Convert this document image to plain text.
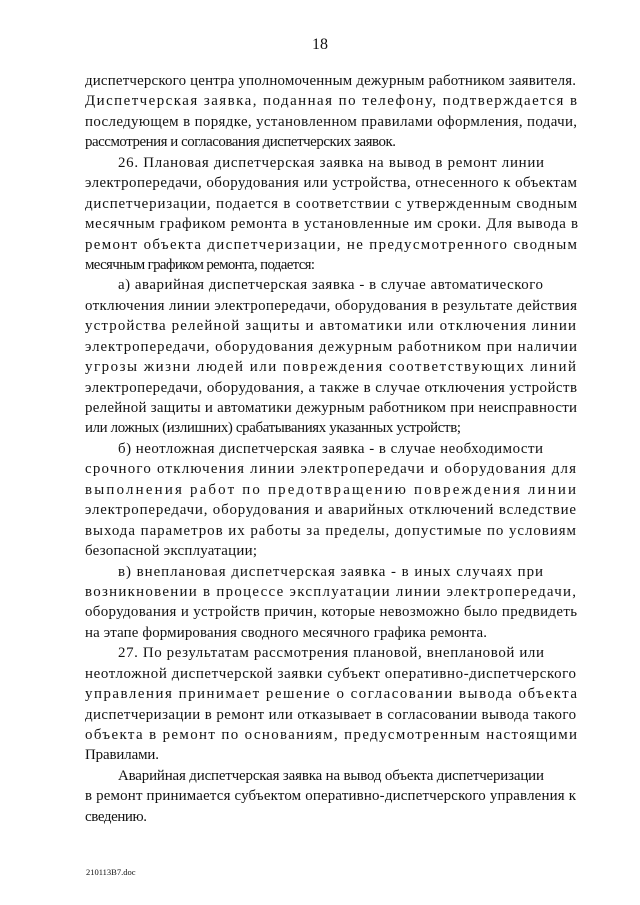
18
диспетчерского центра уполномоченным дежурным работником заявителя.Диспетчерская заявка, поданная по телефону, подтверждается впоследующем в порядке, установленном правилами оформления, подачи,рассмотрения и согласования диспетчерских заявок.
26. Плановая диспетчерская заявка на вывод в ремонт линииэлектропередачи, оборудования или устройства, отнесенного к объектамдиспетчеризации, подается в соответствии с утвержденным сводныммесячным графиком ремонта в установленные им сроки. Для вывода времонт объекта диспетчеризации, не предусмотренного сводныммесячным графиком ремонта, подается:
а) аварийная диспетчерская заявка - в случае автоматическогоотключения линии электропередачи, оборудования в результате действияустройства релейной защиты и автоматики или отключения линииэлектропередачи, оборудования дежурным работником при наличииугрозы жизни людей или повреждения соответствующих линийэлектропередачи, оборудования, а также в случае отключения устройстврелейной защиты и автоматики дежурным работником при неисправностиили ложных (излишних) срабатываниях указанных устройств;
б) неотложная диспетчерская заявка - в случае необходимостисрочного отключения линии электропередачи и оборудования длявыполнения работ по предотвращению повреждения линииэлектропередачи, оборудования и аварийных отключений вследствиевыхода параметров их работы за пределы, допустимые по условиямбезопасной эксплуатации;
в) внеплановая диспетчерская заявка - в иных случаях привозникновении в процессе эксплуатации линии электропередачи,оборудования и устройств причин, которые невозможно было предвидетьна этапе формирования сводного месячного графика ремонта.
27. По результатам рассмотрения плановой, внеплановой илинеотложной диспетчерской заявки субъект оперативно-диспетчерскогоуправления принимает решение о согласовании вывода объектадиспетчеризации в ремонт или отказывает в согласовании вывода такогообъекта в ремонт по основаниям, предусмотренным настоящимиПравилами.
Аварийная диспетчерская заявка на вывод объекта диспетчеризациив ремонт принимается субъектом оперативно-диспетчерского управления ксведению.
210113B7.doc
